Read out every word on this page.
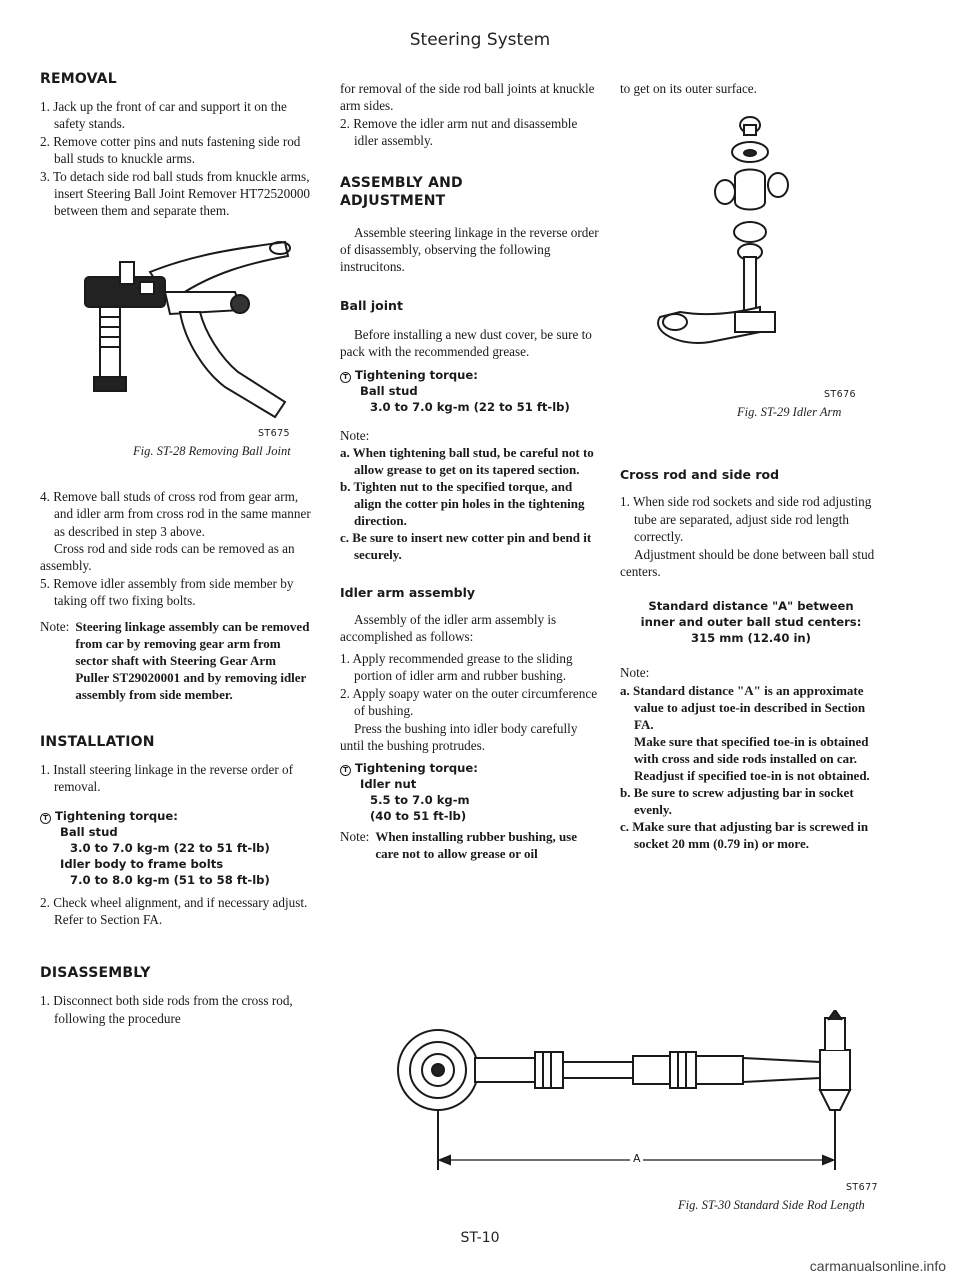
Steering System
REMOVAL

1. Jack up the front of car and support it on the safety stands.

2. Remove cotter pins and nuts fastening side rod ball studs to knuckle arms.

3. To detach side rod ball studs from knuckle arms, insert Steering Ball Joint Remover HT72520000 between them and separate them.

ST675
Fig. ST-28 Removing Ball Joint

4. Remove ball studs of cross rod from gear arm, and idler arm from cross rod in the same manner as described in step 3 above.

Cross rod and side rods can be removed as an assembly.

5. Remove idler assembly from side member by taking off two fixing bolts.

Note: Steering linkage assembly can be removed from car by removing gear arm from sector shaft with Steering Gear Arm Puller ST29020001 and by removing idler assembly from side member.
INSTALLATION

1. Install steering linkage in the reverse order of removal.

T Tightening torque:
Ball stud
3.0 to 7.0 kg-m (22 to 51 ft-lb)
Idler body to frame bolts
7.0 to 8.0 kg-m (51 to 58 ft-lb)

2. Check wheel alignment, and if necessary adjust. Refer to Section FA.

DISASSEMBLY

1. Disconnect both side rods from the cross rod, following the procedure

for removal of the side rod ball joints at knuckle arm sides.

2. Remove the idler arm nut and disassemble idler assembly.

ASSEMBLY AND
ADJUSTMENT

Assemble steering linkage in the reverse order of disassembly, observing the following instrucitons.

Ball joint

Before installing a new dust cover, be sure to pack with the recommended grease.

T Tightening torque:
Ball stud
3.0 to 7.0 kg-m (22 to 51 ft-lb)

Note:

a. When tightening ball stud, be careful not to allow grease to get on its tapered section.

b. Tighten nut to the specified torque, and align the cotter pin holes in the tightening direction.

c. Be sure to insert new cotter pin and bend it securely.

Idler arm assembly

Assembly of the idler arm assembly is accomplished as follows:

1. Apply recommended grease to the sliding portion of idler arm and rubber bushing.

2. Apply soapy water on the outer circumference of bushing.

Press the bushing into idler body carefully until the bushing protrudes.

T Tightening torque:
Idler nut
5.5 to 7.0 kg-m
(40 to 51 ft-lb)
Note: When installing rubber bushing, use care not to allow grease or oil

to get on its outer surface.

ST676
Fig. ST-29 Idler Arm
Cross rod and side rod

1. When side rod sockets and side rod adjusting tube are separated, adjust side rod length correctly.

Adjustment should be done between ball stud centers.

Standard distance "A" between
inner and outer ball stud centers:
315 mm (12.40 in)

Note:

a. Standard distance "A" is an approximate value to adjust toe-in described in Section FA.

Make sure that specified toe-in is obtained with cross and side rods installed on car.

Readjust if specified toe-in is not obtained.

b. Be sure to screw adjusting bar in socket evenly.

c. Make sure that adjusting bar is screwed in socket 20 mm (0.79 in) or more.

A
ST677
Fig. ST-30 Standard Side Rod Length
ST-10
carmanualsonline.info
